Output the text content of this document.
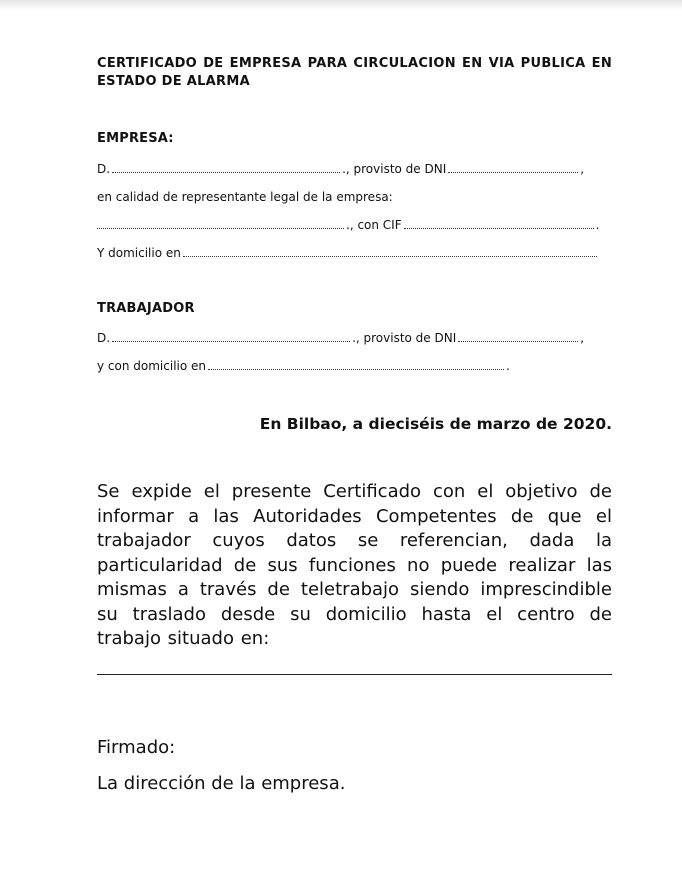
CERTIFICADO DE EMPRESA PARA CIRCULACION EN VIA PUBLICA EN ESTADO DE ALARMA
EMPRESA:
D.	., provisto de DNI	,
en calidad de representante legal de la empresa:
., con CIF	.
Y domicilio en
TRABAJADOR
D.	., provisto de DNI	,
y con domicilio en	.
En Bilbao, a dieciséis de marzo de 2020.
Se expide el presente Certificado con el objetivo de informar a las Autoridades Competentes de que el trabajador cuyos datos se referencian, dada la particularidad de sus funciones no puede realizar las mismas a través de teletrabajo siendo imprescindible su traslado desde su domicilio hasta el centro de trabajo situado en:
Firmado:
La dirección de la empresa.
